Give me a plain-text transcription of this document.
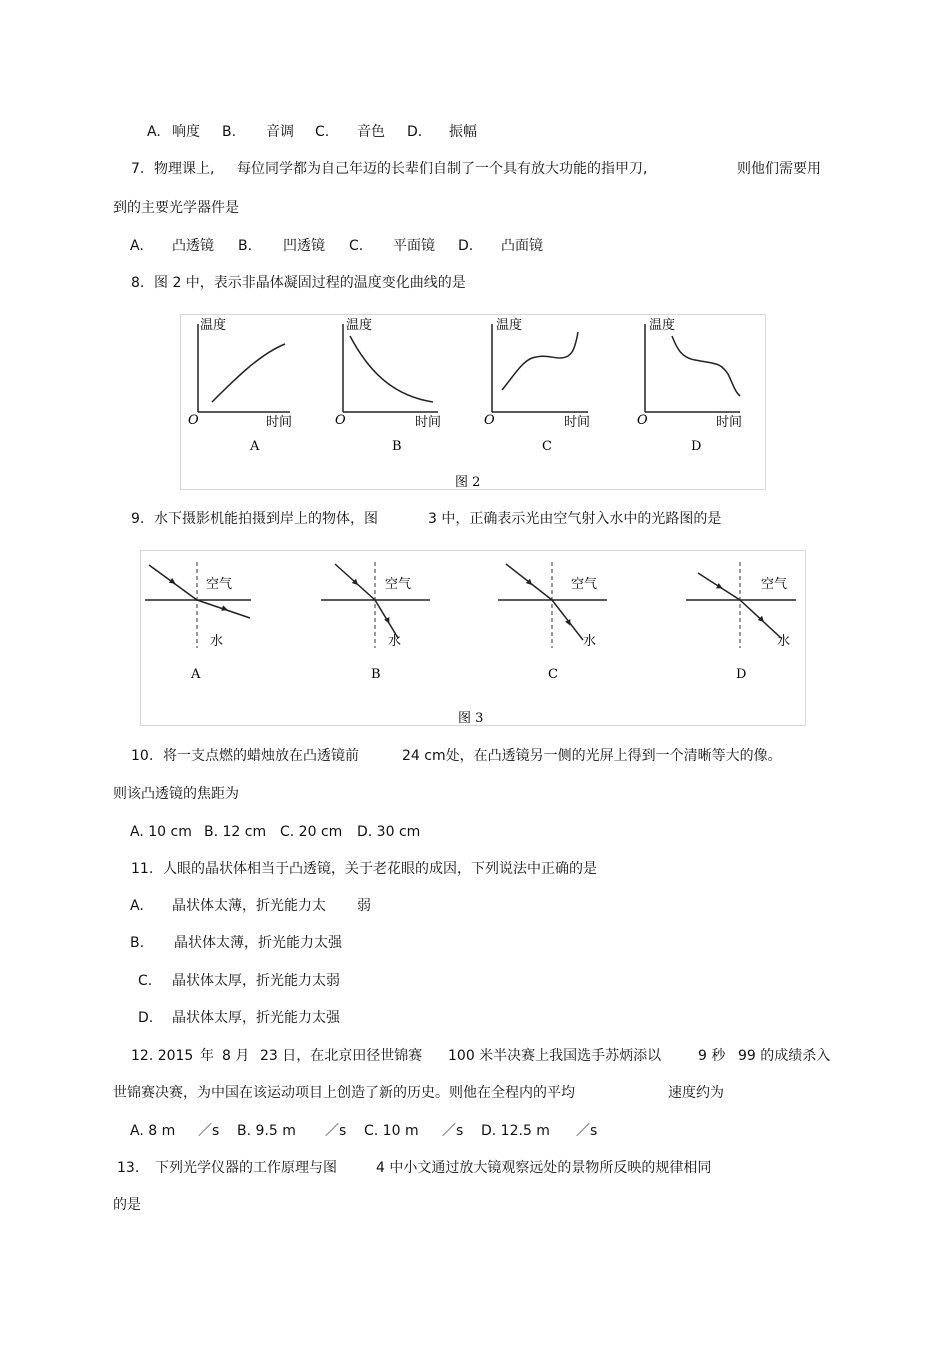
A. 响度 B. 音调 C. 音色 D. 振幅
7. 物理课上, 每位同学都为自己年迈的长辈们自制了一个具有放大功能的指甲刀,	则他们需要用
到的主要光学器件是
A. 凸透镜 B. 凹透镜 C. 平面镜 D. 凸面镜
8. 图 2 中，表示非晶体凝固过程的温度变化曲线的是
温度
时间
O
A
温度
时间
O
B
温度
时间
O
C
温度
时间
O
D
图 2
9. 水下摄影机能拍摄到岸上的物体，图	3 中，正确表示光由空气射入水中的光路图的是
空气
水
A
空气
水
B
空气
水
C
空气
水
D
图 3
10. 将一支点燃的蜡烛放在凸透镜前	24 cm处，在凸透镜另一侧的光屏上得到一个清晰等大的像。
则该凸透镜的焦距为
A. 10 cm B. 12 cm C. 20 cm D. 30 cm
11. 人眼的晶状体相当于凸透镜，关于老花眼的成因，下列说法中正确的是
A. 晶状体太薄，折光能力太 弱
B. 晶状体太薄，折光能力太强
C. 晶状体太厚，折光能力太弱
D. 晶状体太厚，折光能力太强
12. 2015 年 8 月 23 日，在北京田径世锦赛 100 米半决赛上我国选手苏炳添以	9 秒 99 的成绩杀入
世锦赛决赛，为中国在该运动项目上创造了新的历史。则他在全程内的平均	速度约为
A. 8 m ／s B. 9.5 m ／s C. 10 m ／s D. 12.5 m ／s
13. 下列光学仪器的工作原理与图	4 中小文通过放大镜观察远处的景物所反映的规律相同
的是
